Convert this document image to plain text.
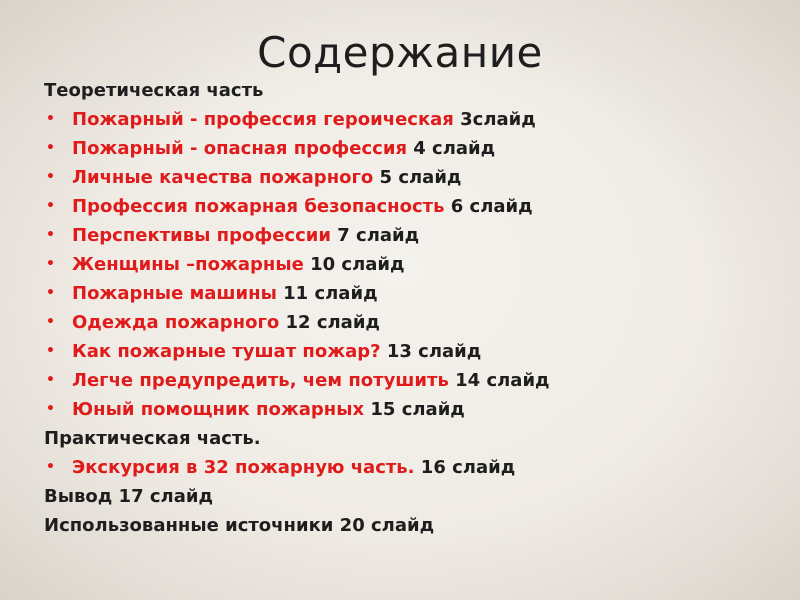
Содержание
Теоретическая часть
• Пожарный - профессия героическая 3слайд
• Пожарный - опасная профессия 4 слайд
• Личные качества пожарного 5 слайд
• Профессия пожарная безопасность 6 слайд
• Перспективы профессии 7 слайд
• Женщины –пожарные 10 слайд
• Пожарные машины 11 слайд
• Одежда пожарного 12 слайд
• Как пожарные тушат пожар? 13 слайд
• Легче предупредить, чем потушить 14 слайд
• Юный помощник пожарных 15 слайд
Практическая часть.
• Экскурсия в 32 пожарную часть. 16 слайд
Вывод 17 слайд
Использованные источники 20 слайд
